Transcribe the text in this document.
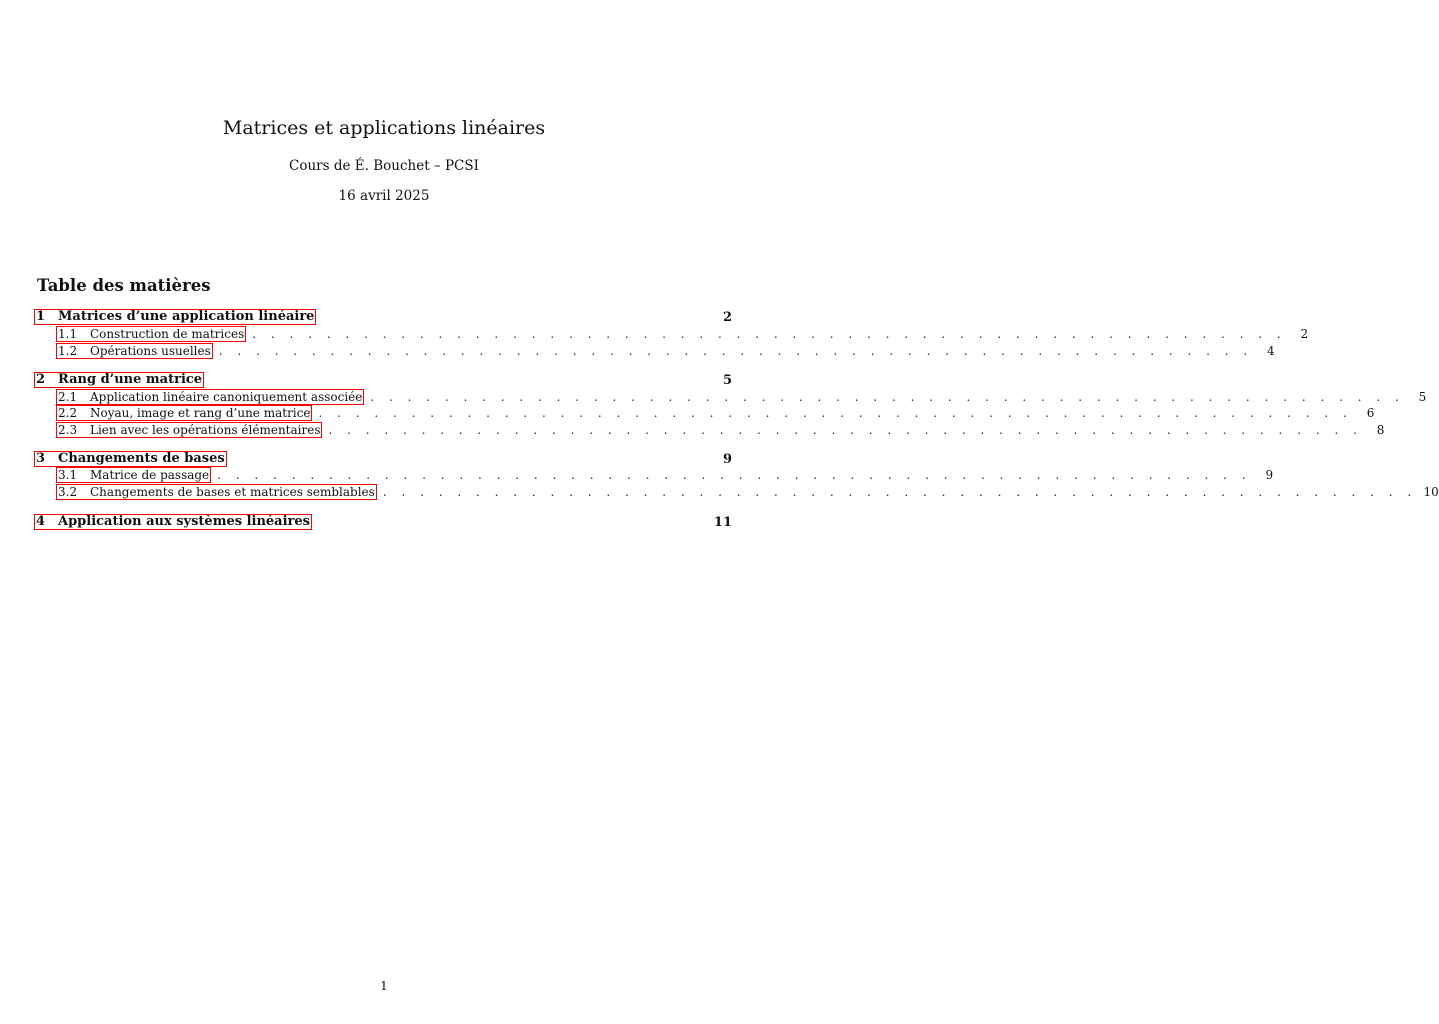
Matrices et applications linéaires
Cours de É. Bouchet – PCSI
16 avril 2025
Table des matières
1 Matrices d’une application linéaire	2
1.1	Construction de matrices . . . . . . . . . . . . . . . . . . . . . . . . . . . . . . . . . . . . . . . . . . . . . . . . . . . . . . . .	2
1.2	Opérations usuelles . . . . . . . . . . . . . . . . . . . . . . . . . . . . . . . . . . . . . . . . . . . . . . . . . . . . . . . .	4
2 Rang d’une matrice	5
2.1	Application linéaire canoniquement associée . . . . . . . . . . . . . . . . . . . . . . . . . . . . . . . . . . . . . . . . . . . . . . . . . . . . . . . .	5
2.2	Noyau, image et rang d’une matrice . . . . . . . . . . . . . . . . . . . . . . . . . . . . . . . . . . . . . . . . . . . . . . . . . . . . . . . .	6
2.3	Lien avec les opérations élémentaires . . . . . . . . . . . . . . . . . . . . . . . . . . . . . . . . . . . . . . . . . . . . . . . . . . . . . . . .	8
3 Changements de bases	9
3.1	Matrice de passage . . . . . . . . . . . . . . . . . . . . . . . . . . . . . . . . . . . . . . . . . . . . . . . . . . . . . . . .	9
3.2	Changements de bases et matrices semblables . . . . . . . . . . . . . . . . . . . . . . . . . . . . . . . . . . . . . . . . . . . . . . . . . . . . . . . . 10
4 Application aux systèmes linéaires	11
1
